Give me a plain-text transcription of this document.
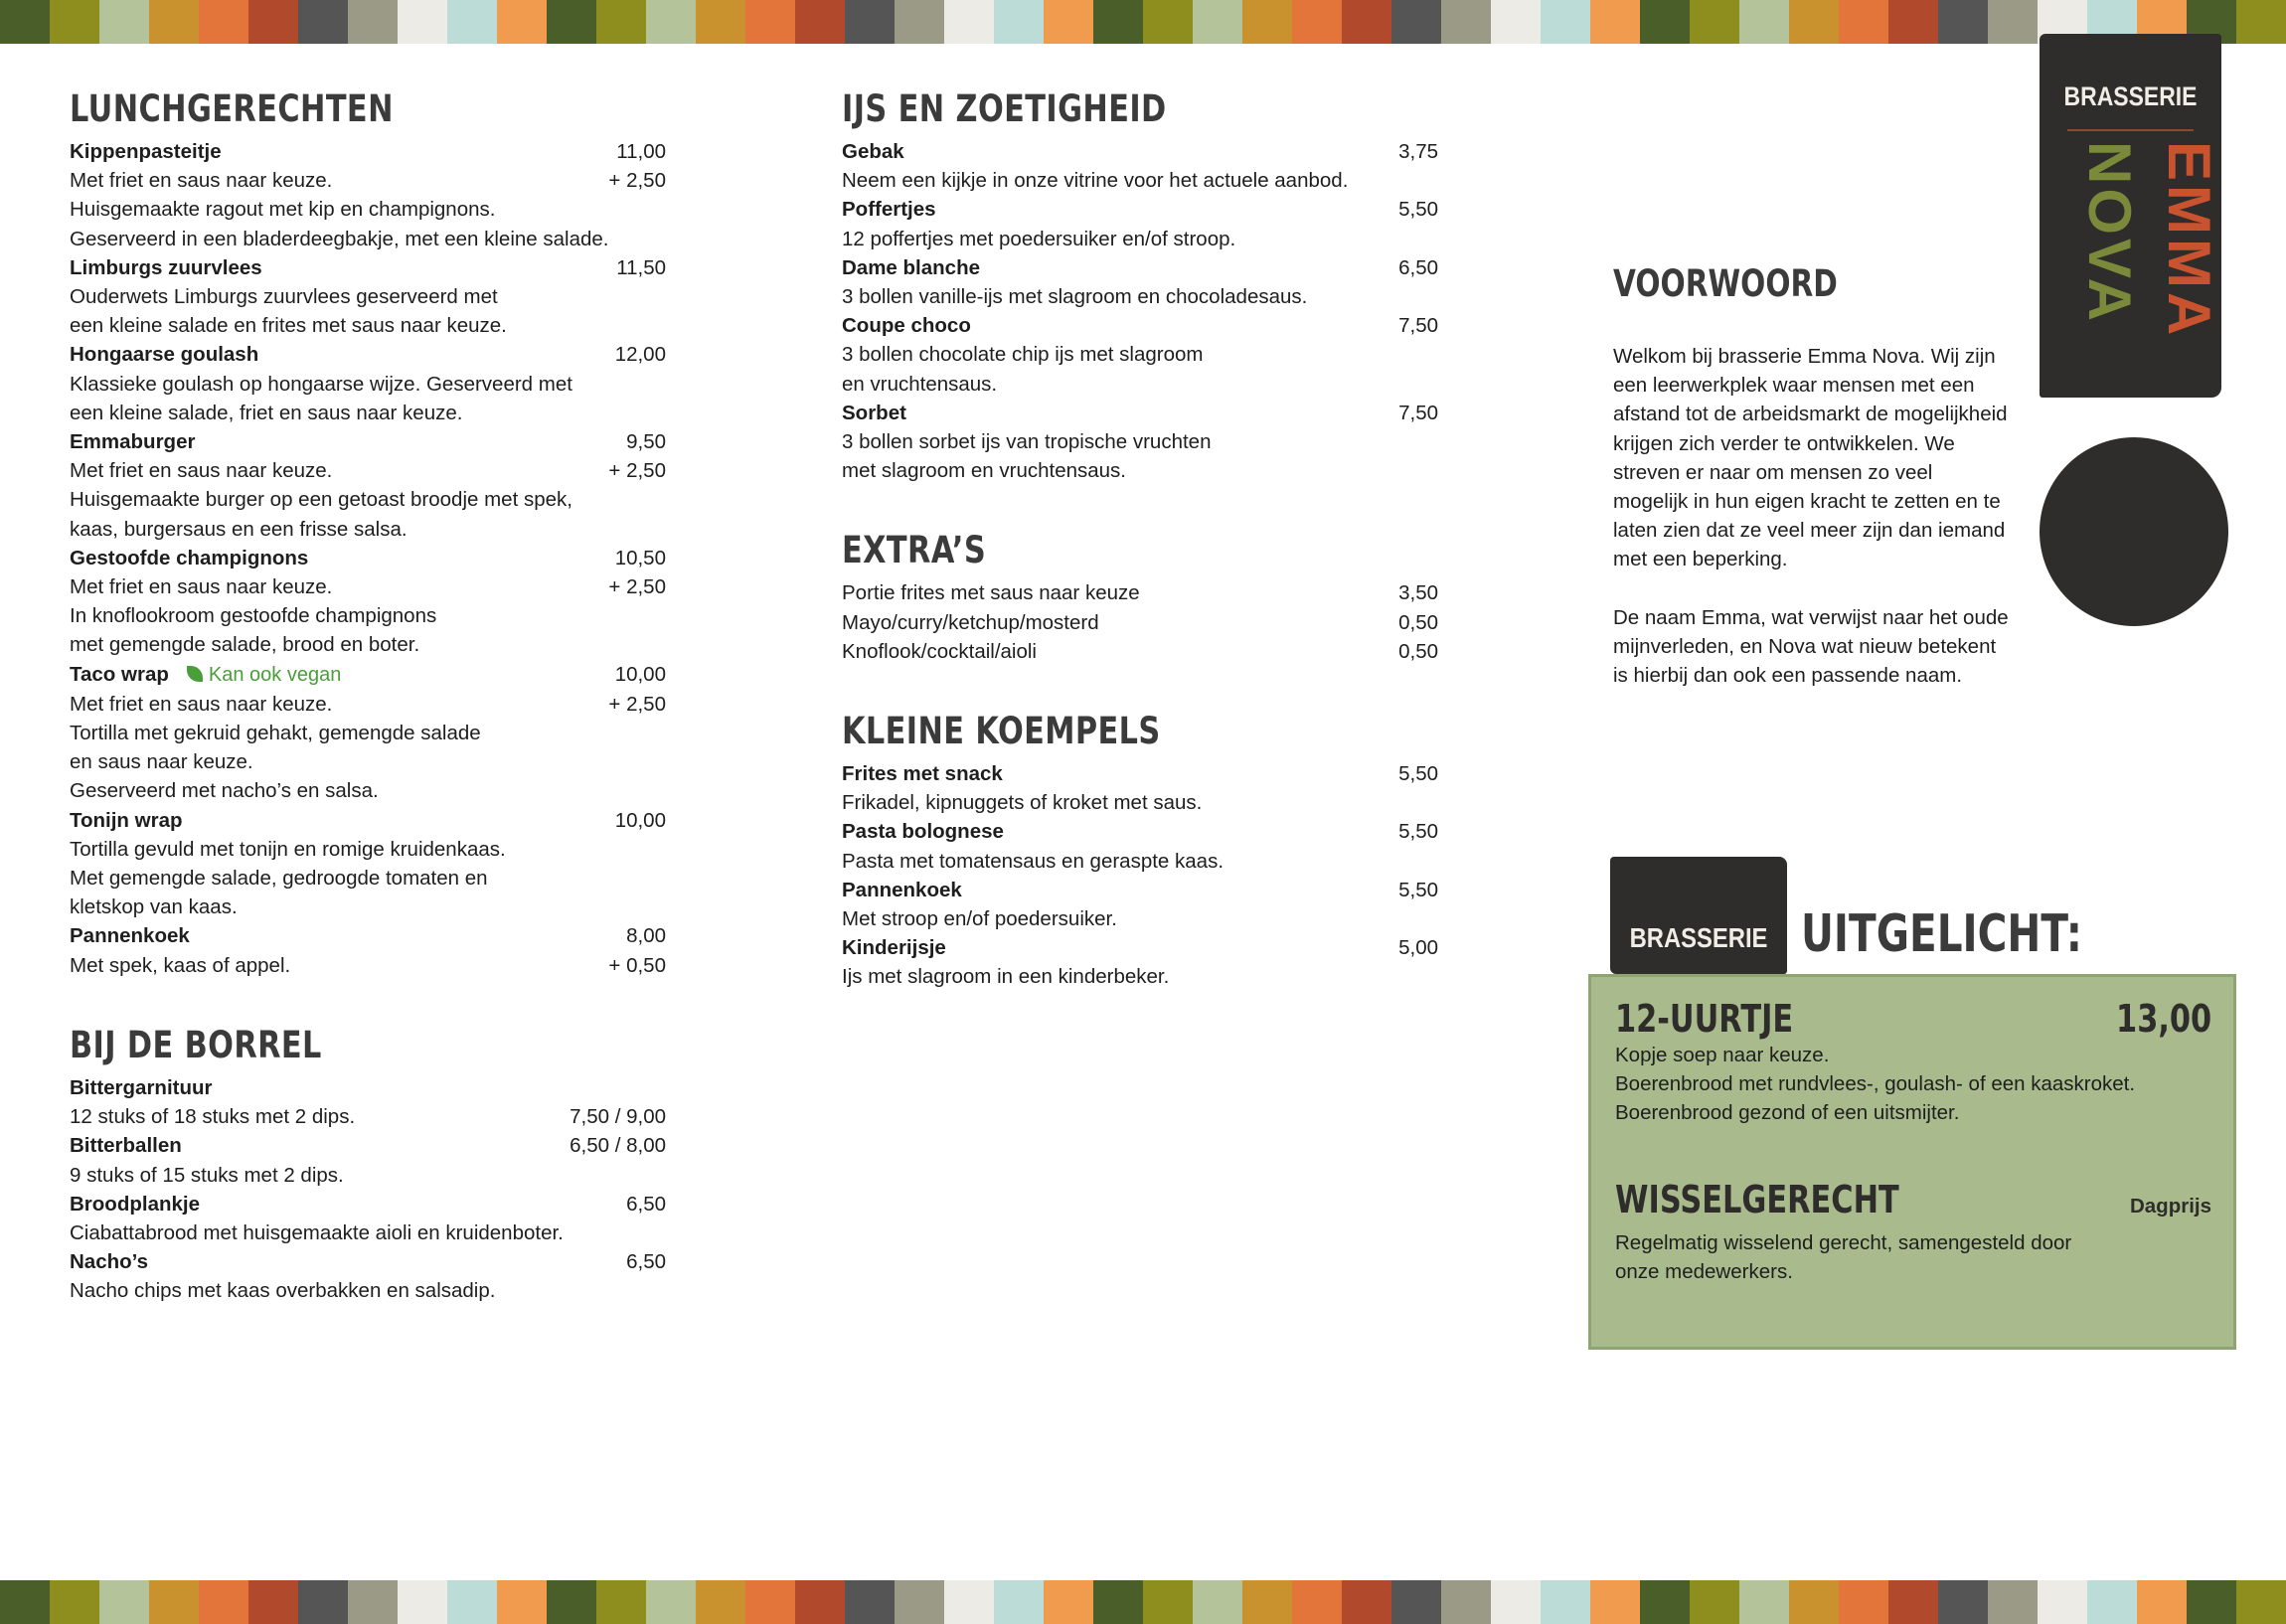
LUNCHGERECHTEN
Kippenpasteitje	11,00
Met friet en saus naar keuze.	+ 2,50
Huisgemaakte ragout met kip en champignons.
Geserveerd in een bladerdeegbakje, met een kleine salade.
Limburgs zuurvlees	11,50
Ouderwets Limburgs zuurvlees geserveerd met
een kleine salade en frites met saus naar keuze.
Hongaarse goulash	12,00
Klassieke goulash op hongaarse wijze. Geserveerd met
een kleine salade, friet en saus naar keuze.
Emmaburger	9,50
Met friet en saus naar keuze.	+ 2,50
Huisgemaakte burger op een getoast broodje met spek,
kaas, burgersaus en een frisse salsa.
Gestoofde champignons	10,50
Met friet en saus naar keuze.	+ 2,50
In knoflookroom gestoofde champignons
met gemengde salade, brood en boter.
Taco wrap Kan ook vegan	10,00
Met friet en saus naar keuze.	+ 2,50
Tortilla met gekruid gehakt, gemengde salade
en saus naar keuze.
Geserveerd met nacho’s en salsa.
Tonijn wrap	10,00
Tortilla gevuld met tonijn en romige kruidenkaas.
Met gemengde salade, gedroogde tomaten en
kletskop van kaas.
Pannenkoek	8,00
Met spek, kaas of appel.	+ 0,50
BIJ DE BORREL
Bittergarnituur
12 stuks of 18 stuks met 2 dips.	7,50 / 9,00
Bitterballen	6,50 / 8,00
9 stuks of 15 stuks met 2 dips.
Broodplankje	6,50
Ciabattabrood met huisgemaakte aioli en kruidenboter.
Nacho’s	6,50
Nacho chips met kaas overbakken en salsadip.
IJS EN ZOETIGHEID
Gebak	3,75
Neem een kijkje in onze vitrine voor het actuele aanbod.
Poffertjes	5,50
12 poffertjes met poedersuiker en/of stroop.
Dame blanche	6,50
3 bollen vanille-ijs met slagroom en chocoladesaus.
Coupe choco	7,50
3 bollen chocolate chip ijs met slagroom
en vruchtensaus.
Sorbet	7,50
3 bollen sorbet ijs van tropische vruchten
met slagroom en vruchtensaus.
EXTRA’S
Portie frites met saus naar keuze	3,50
Mayo/curry/ketchup/mosterd	0,50
Knoflook/cocktail/aioli	0,50
KLEINE KOEMPELS
Frites met snack	5,50
Frikadel, kipnuggets of kroket met saus.
Pasta bolognese	5,50
Pasta met tomatensaus en geraspte kaas.
Pannenkoek	5,50
Met stroop en/of poedersuiker.
Kinderijsje	5,00
Ijs met slagroom in een kinderbeker.
BRASSERIE
NOVA EMMA
VOORWOORD

Welkom bij brasserie Emma Nova. Wij zijn een leerwerkplek waar mensen met een afstand tot de arbeidsmarkt de mogelijkheid krijgen zich verder te ontwikkelen. We streven er naar om mensen zo veel mogelijk in hun eigen kracht te zetten en te laten zien dat ze veel meer zijn dan iemand met een beperking.

De naam Emma, wat verwijst naar het oude mijnverleden, en Nova wat nieuw betekent is hierbij dan ook een passende naam.

BRASSERIE UITGELICHT:
12-UURTJE	13,00
Kopje soep naar keuze.
Boerenbrood met rundvlees-, goulash- of een kaaskroket.
Boerenbrood gezond of een uitsmijter.
WISSELGERECHT	Dagprijs
Regelmatig wisselend gerecht, samengesteld door
onze medewerkers.
